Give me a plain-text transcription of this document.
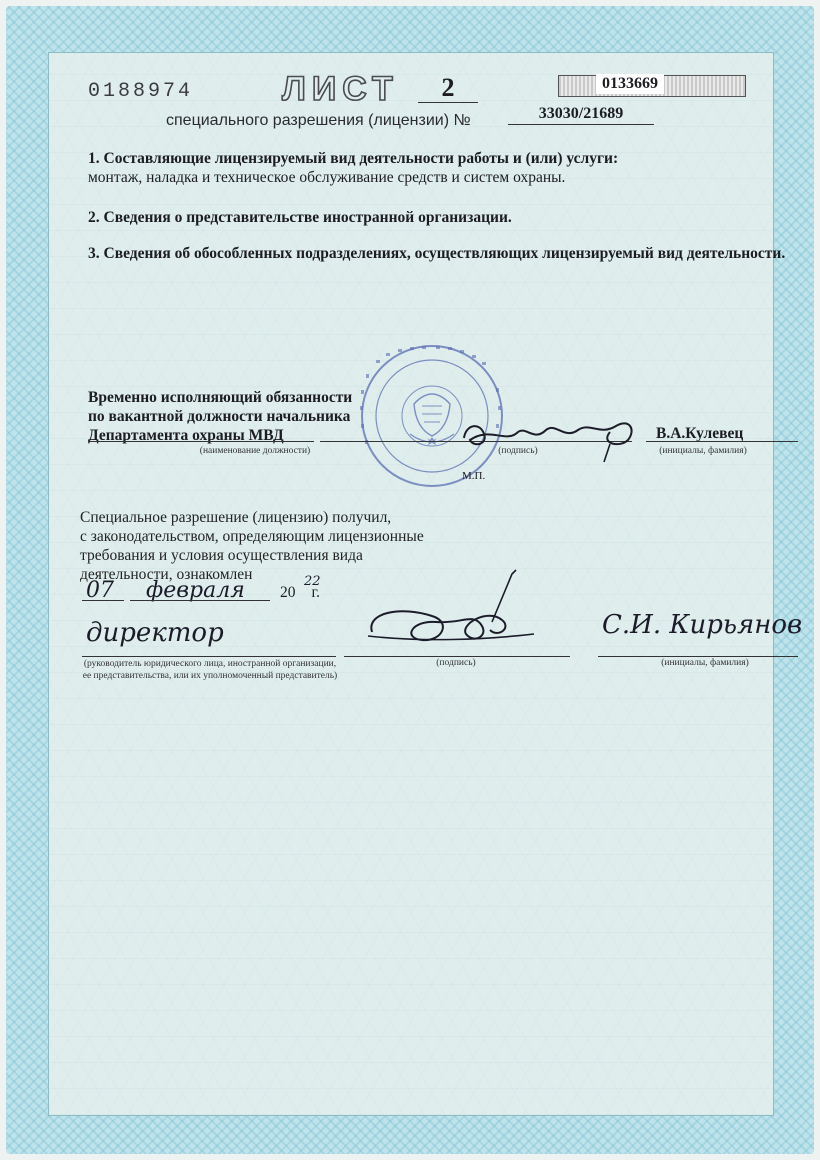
0188974	ЛИСТ	2	0133669
специального разрешения (лицензии) №	33030/21689
1. Составляющие лицензируемый вид деятельности работы и (или) услуги:
монтаж, наладка и техническое обслуживание средств и систем охраны.
2. Сведения о представительстве иностранной организации.
3. Сведения об обособленных подразделениях, осуществляющих лицензируемый вид деятельности.
Временно исполняющий обязанности
по вакантной должности начальника
Департамента охраны МВД
(наименование должности)	(подпись)	(инициалы, фамилия)
В.А.Кулевец
М.П.
Специальное разрешение (лицензию) получил,
с законодательством, определяющим лицензионные
требования и условия осуществления вида
деятельности, ознакомлен
07 февраля 20 г.
22
директор	С.И. Кирьянов
(руководитель юридического лица, иностранной организации, ее представительства, или их уполномоченный представитель)
(подпись)	(инициалы, фамилия)
